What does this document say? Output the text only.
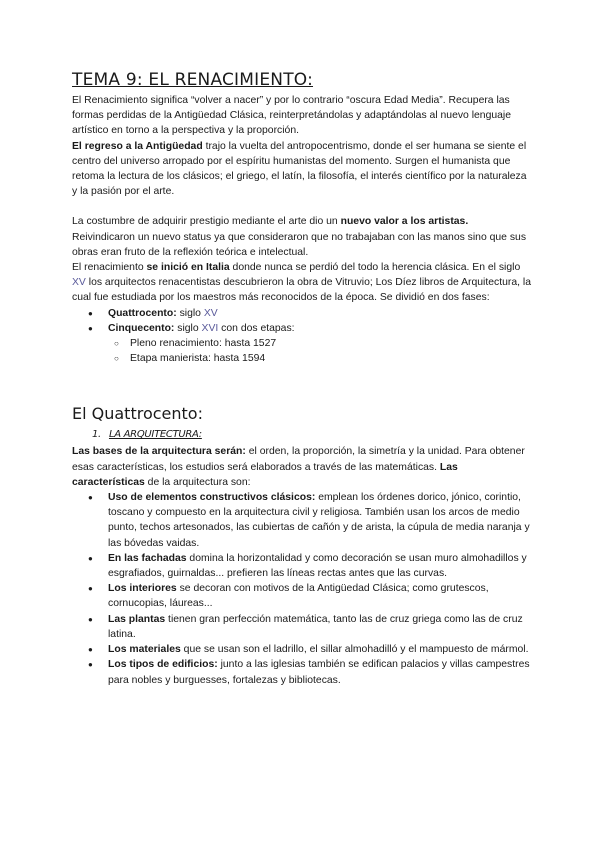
TEMA 9: EL RENACIMIENTO:

El Renacimiento significa “volver a nacer” y por lo contrario “oscura Edad Media”. Recupera las formas perdidas de la Antigüedad Clásica, reinterpretándolas y adaptándolas al nuevo lenguaje artístico en torno a la perspectiva y la proporción.

El regreso a la Antigüedad trajo la vuelta del antropocentrismo, donde el ser humana se siente el centro del universo arropado por el espíritu humanistas del momento. Surgen el humanista que retoma la lectura de los clásicos; el griego, el latín, la filosofía, el interés científico por la naturaleza y la pasión por el arte.

La costumbre de adquirir prestigio mediante el arte dio un nuevo valor a los artistas. Reivindicaron un nuevo status ya que consideraron que no trabajaban con las manos sino que sus obras eran fruto de la reflexión teórica e intelectual.

El renacimiento se inició en Italia donde nunca se perdió del todo la herencia clásica. En el siglo XV los arquitectos renacentistas descubrieron la obra de Vitruvio; Los Díez libros de Arquitectura, la cual fue estudiada por los maestros más reconocidos de la época. Se dividió en dos fases:

● Quattrocento: siglo XV
● Cinquecento: siglo XVI con dos etapas:
○ Pleno renacimiento: hasta 1527
○ Etapa manierista: hasta 1594
El Quattrocento:
1. LA ARQUITECTURA:

Las bases de la arquitectura serán: el orden, la proporción, la simetría y la unidad. Para obtener esas características, los estudios será elaborados a través de las matemáticas. Las características de la arquitectura son:

● Uso de elementos constructivos clásicos: emplean los órdenes dorico, jónico, corintio, toscano y compuesto en la arquitectura civil y religiosa. También usan los arcos de medio punto, techos artesonados, las cubiertas de cañón y de arista, la cúpula de media naranja y las bóvedas vaidas.
● En las fachadas domina la horizontalidad y como decoración se usan muro almohadillos y esgrafiados, guirnaldas... prefieren las líneas rectas antes que las curvas.
● Los interiores se decoran con motivos de la Antigüedad Clásica; como grutescos, cornucopias, láureas...
● Las plantas tienen gran perfección matemática, tanto las de cruz griega como las de cruz latina.
● Los materiales que se usan son el ladrillo, el sillar almohadilló y el mampuesto de mármol.
● Los tipos de edificios: junto a las iglesias también se edifican palacios y villas campestres para nobles y burguesses, fortalezas y bibliotecas.
